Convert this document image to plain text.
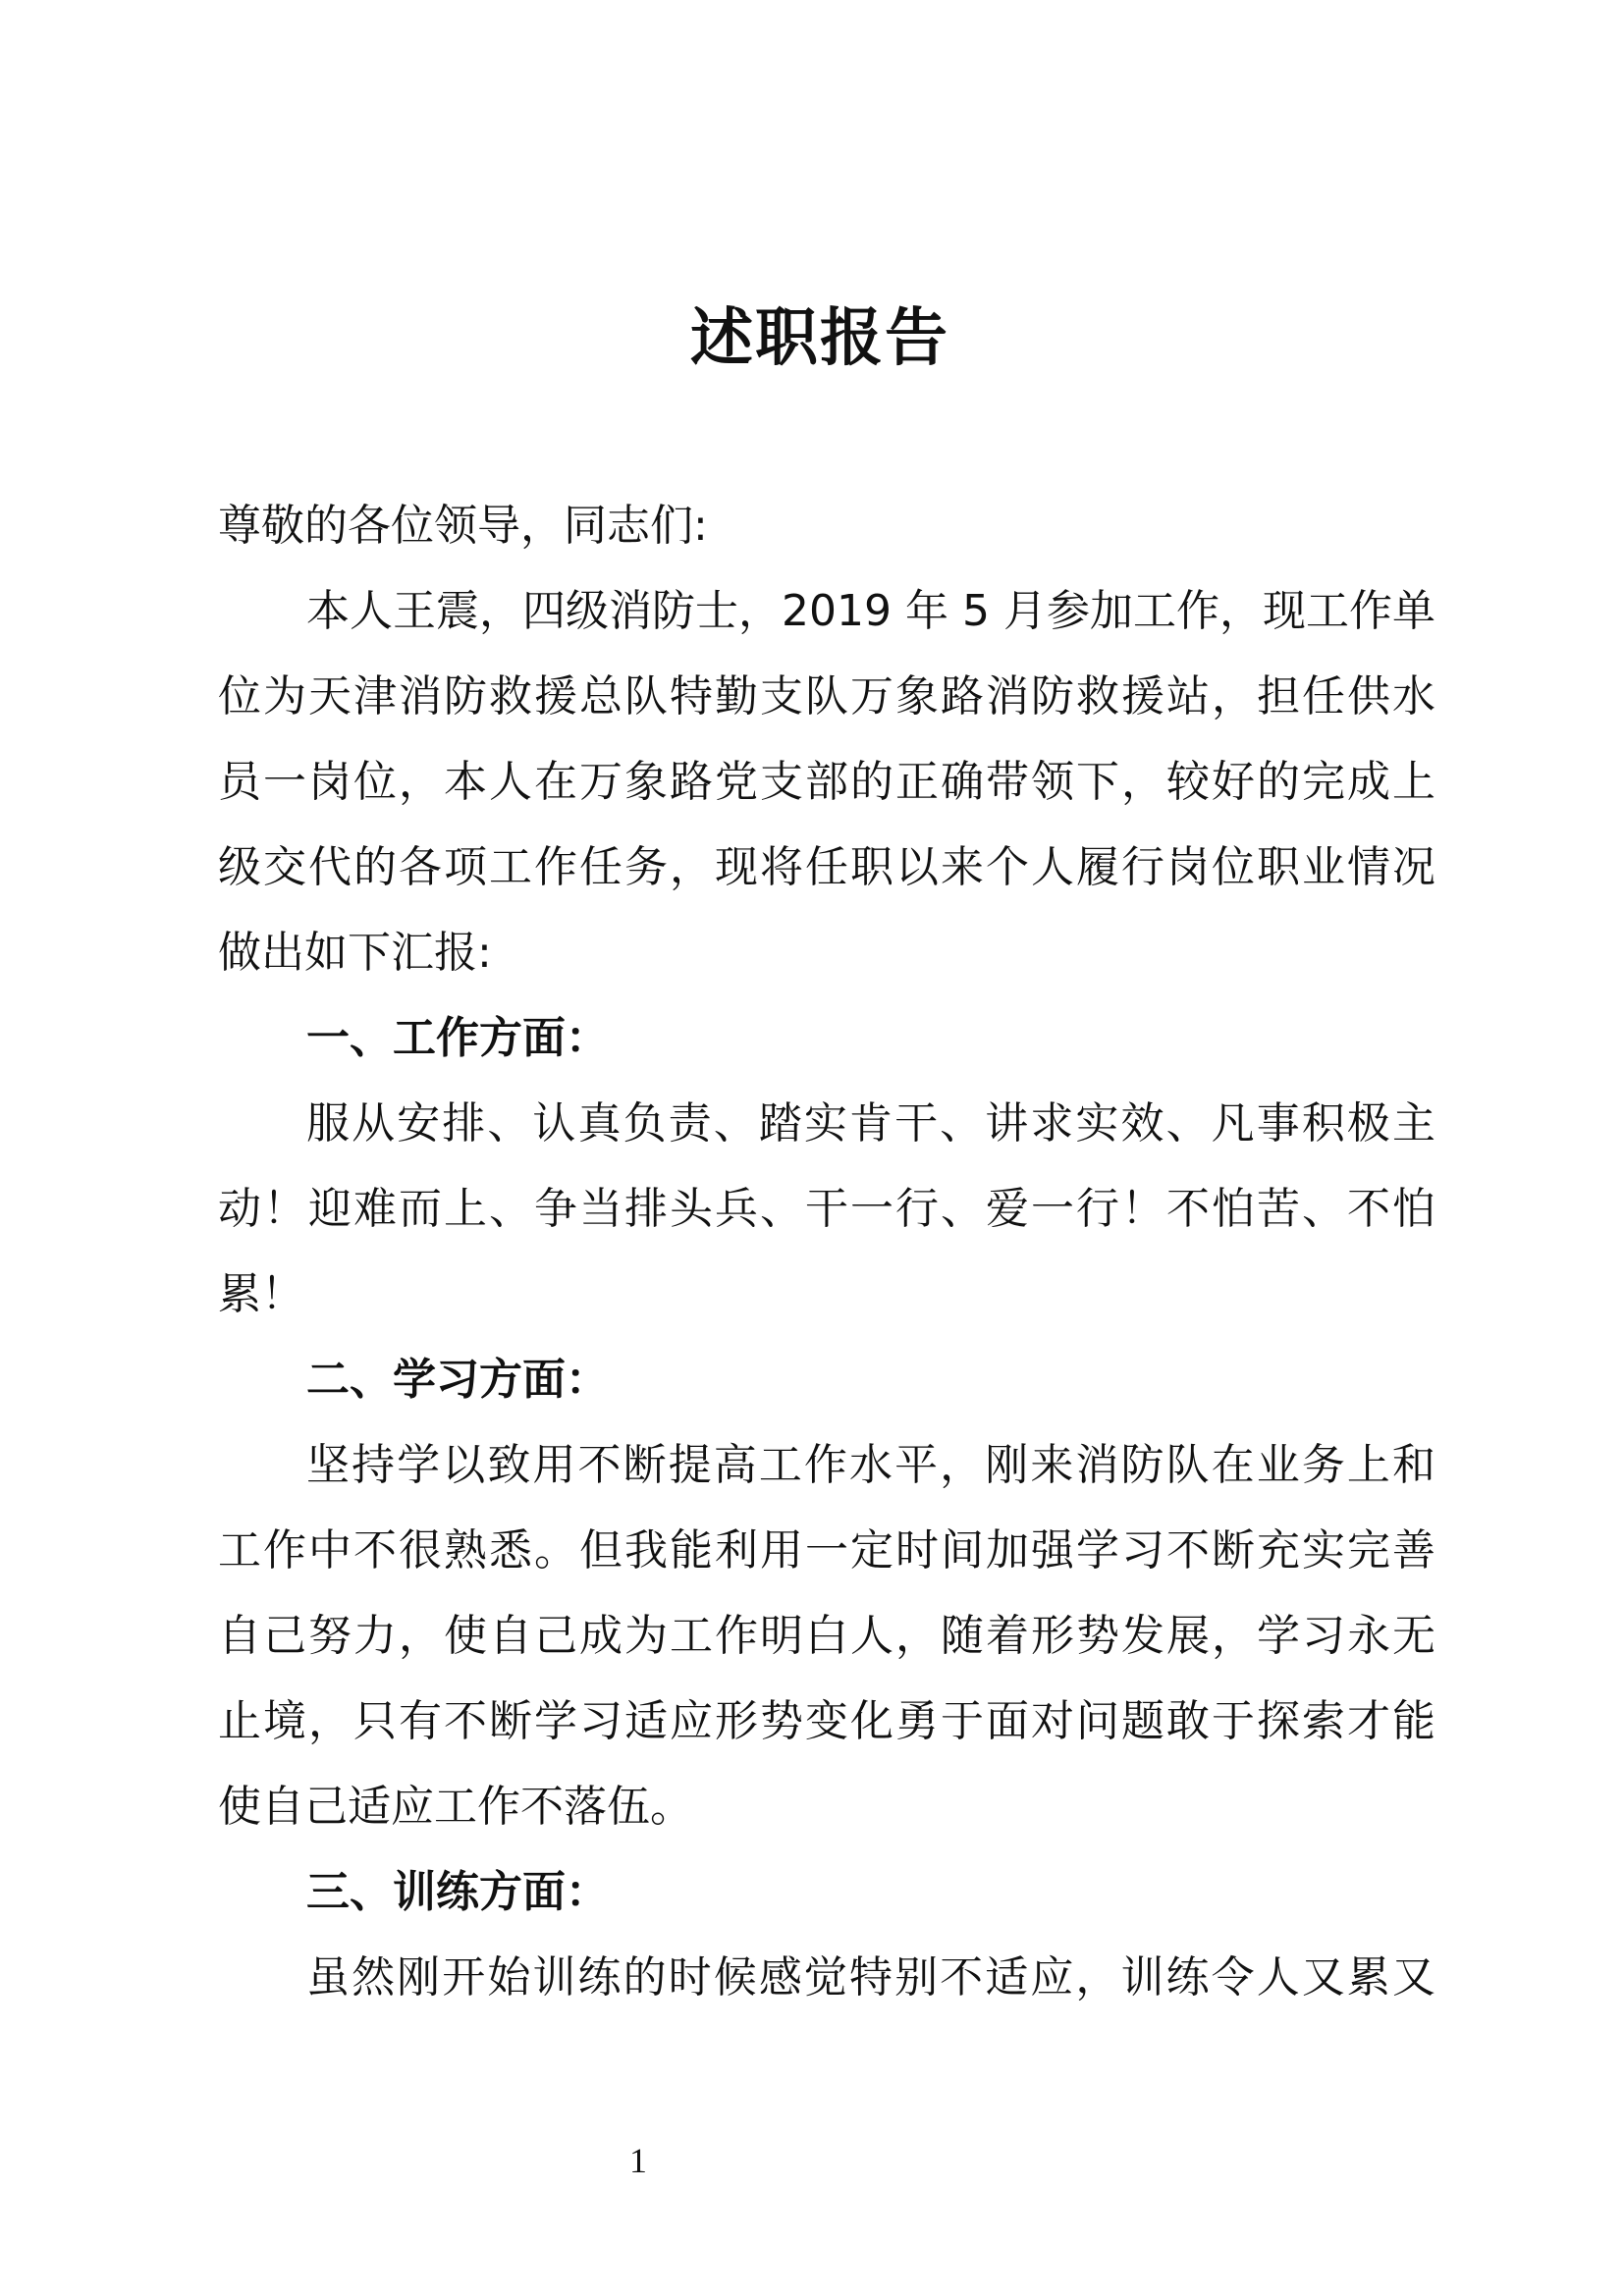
述职报告
尊敬的各位领导，同志们:
本人王震，四级消防士，2019 年 5 月参加工作，现工作单
位为天津消防救援总队特勤支队万象路消防救援站，担任供水
员一岗位，本人在万象路党支部的正确带领下，较好的完成上
级交代的各项工作任务，现将任职以来个人履行岗位职业情况
做出如下汇报:
一、工作方面：
服从安排、认真负责、踏实肯干、讲求实效、凡事积极主
动！迎难而上、争当排头兵、干一行、爱一行！不怕苦、不怕
累！
二、学习方面：
坚持学以致用不断提高工作水平，刚来消防队在业务上和
工作中不很熟悉。但我能利用一定时间加强学习不断充实完善
自己努力，使自己成为工作明白人，随着形势发展，学习永无
止境，只有不断学习适应形势变化勇于面对问题敢于探索才能
使自己适应工作不落伍。
三、训练方面：
虽然刚开始训练的时候感觉特别不适应，训练令人又累又
1
